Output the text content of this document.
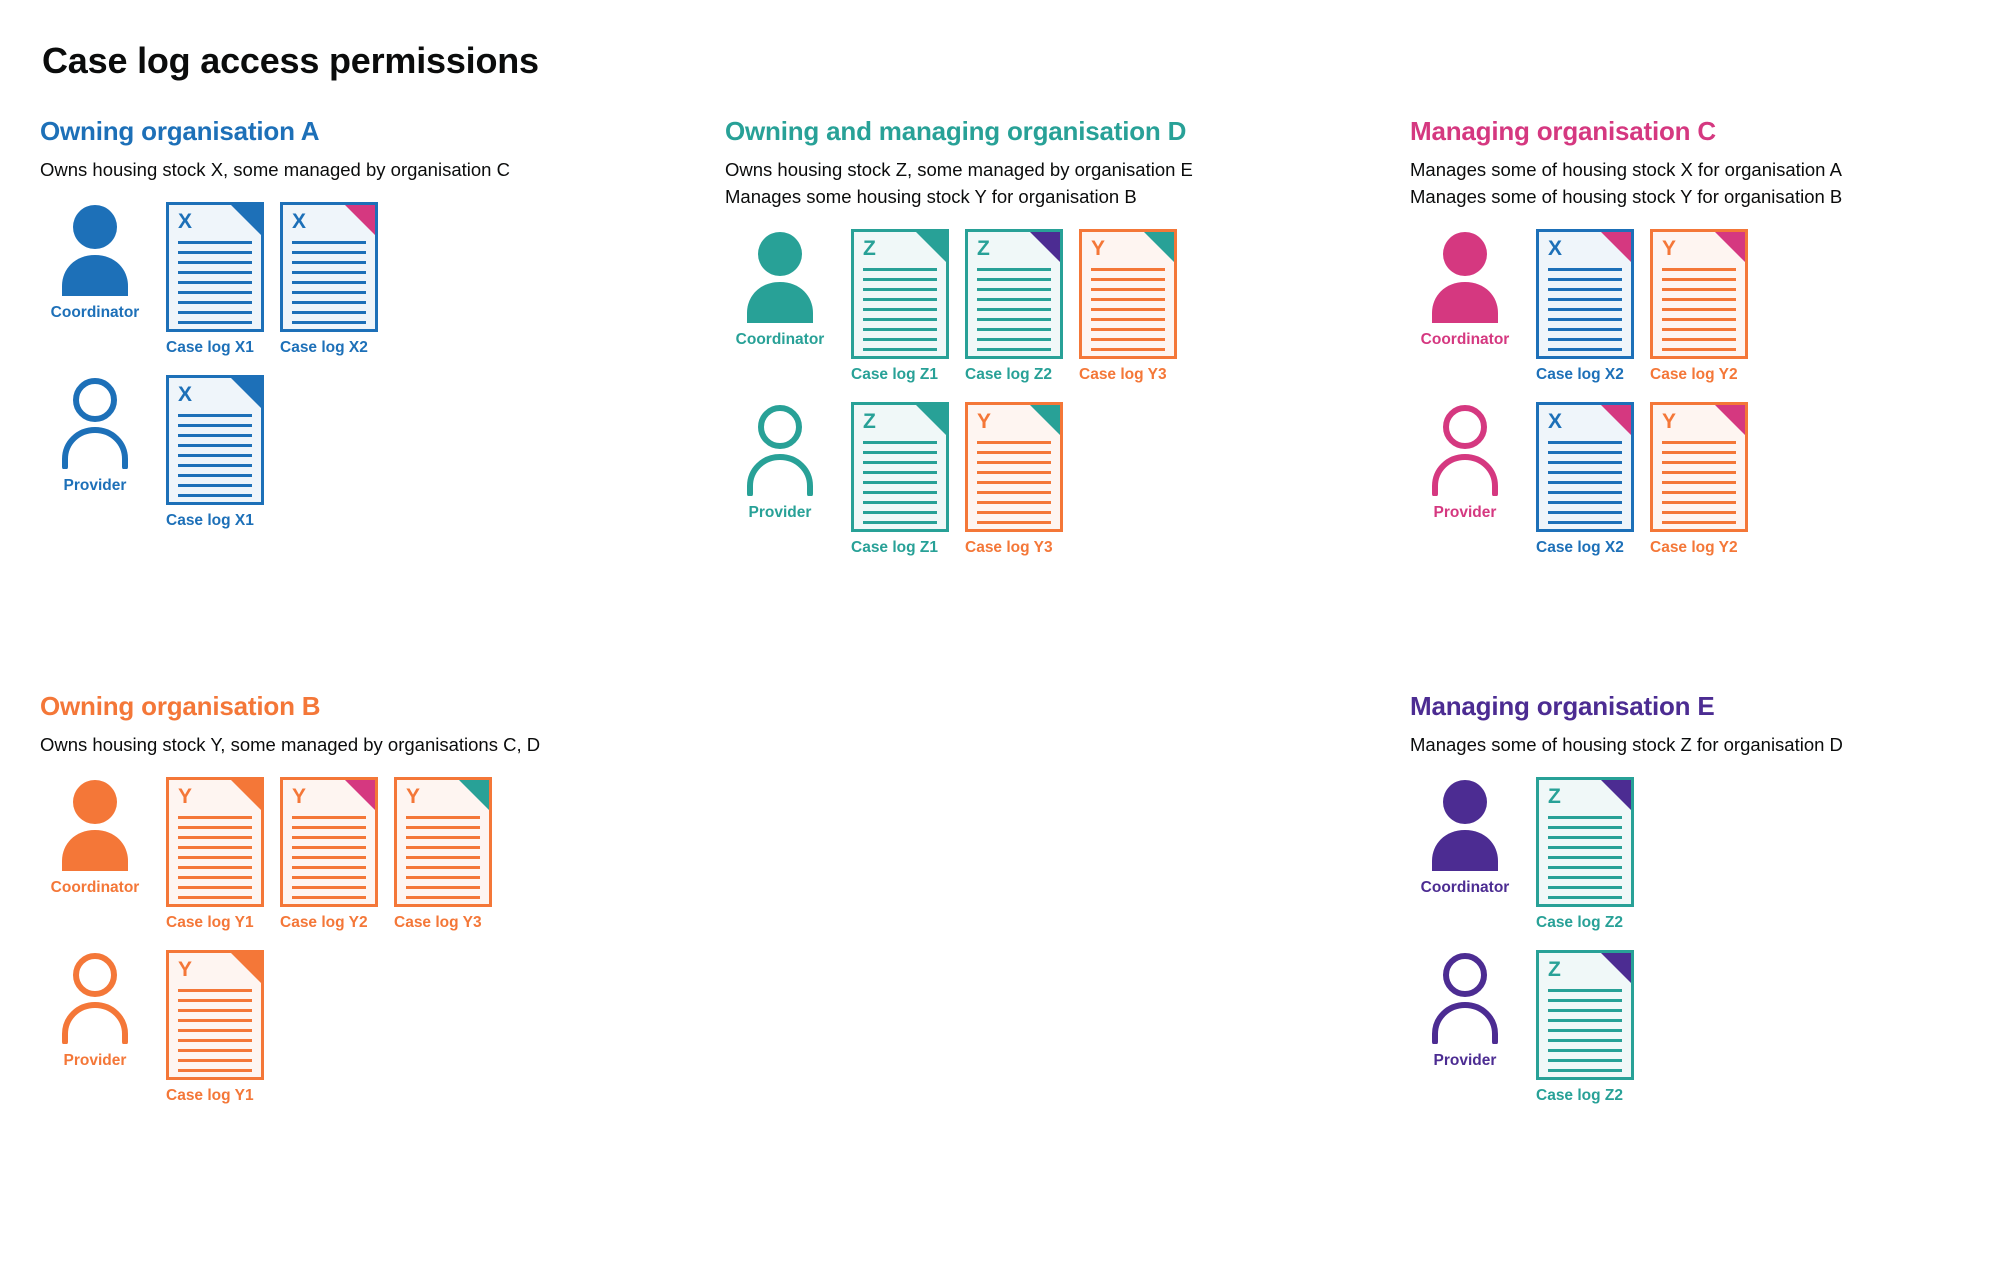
Case log access permissions
Owning organisation A

Owns housing stock X, some managed by organisation C

Coordinator
X
Case log X1
X
Case log X2
Provider
X
Case log X1
Owning and managing organisation D

Owns housing stock Z, some managed by organisation E
Manages some housing stock Y for organisation B

Coordinator
Z
Case log Z1
Z
Case log Z2
Y
Case log Y3
Provider
Z
Case log Z1
Y
Case log Y3
Managing organisation C

Manages some of housing stock X for organisation A
Manages some of housing stock Y for organisation B

Coordinator
X
Case log X2
Y
Case log Y2
Provider
X
Case log X2
Y
Case log Y2
Owning organisation B

Owns housing stock Y, some managed by organisations C, D

Coordinator
Y
Case log Y1
Y
Case log Y2
Y
Case log Y3
Provider
Y
Case log Y1
Managing organisation E

Manages some of housing stock Z for organisation D

Coordinator
Z
Case log Z2
Provider
Z
Case log Z2
